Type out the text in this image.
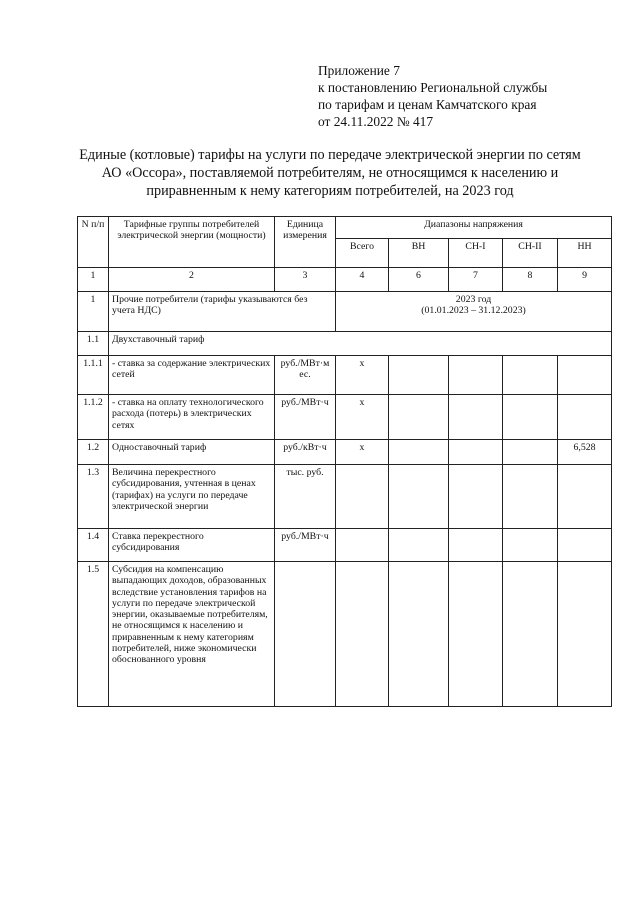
Приложение 7
к постановлению Региональной службы
по тарифам и ценам Камчатского края
от 24.11.2022 № 417
Единые (котловые) тарифы на услуги по передаче электрической энергии по сетям
АО «Оссора», поставляемой потребителям, не относящимся к населению и
приравненным к нему категориям потребителей, на 2023 год
N п/п	Тарифные группы потребителей электрической энергии (мощности)	Единица измерения	Диапазоны напряжения				
			Всего	ВН	СН-I	СН-II	НН
1	2	3	4	6	7	8	9
1	Прочие потребители (тарифы указываются без учета НДС)		2023 год
(01.01.2023 – 31.12.2023)				

1.1	Двухставочный тариф						
1.1.1	- ставка за содержание электрических сетей	руб./МВт·м ес.	x				
1.1.2	- ставка на оплату технологического расхода (потерь) в электрических сетях	руб./МВт·ч	x				
1.2	Одноставочный тариф	руб./кВт·ч	x				6,528
1.3	Величина перекрестного субсидирования, учтенная в ценах (тарифах) на услуги по передаче электрической энергии	тыс. руб.					
1.4	Ставка перекрестного субсидирования	руб./МВт·ч					
1.5	Субсидия на компенсацию выпадающих доходов, образованных вследствие установления тарифов на услуги по передаче электрической энергии, оказываемые потребителям, не относящимся к населению и приравненным к нему категориям потребителей, ниже экономически обоснованного уровня						
